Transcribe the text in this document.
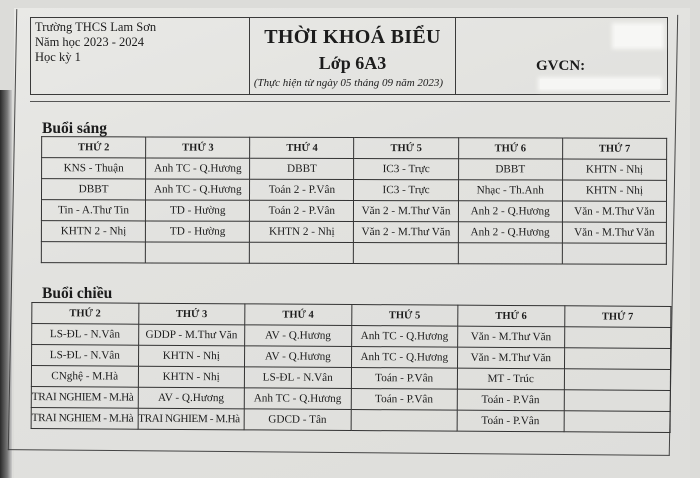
Trường THCS Lam Sơn
Năm học 2023 - 2024
Học kỳ 1
THỜI KHOÁ BIỂU
Lớp 6A3
(Thực hiện từ ngày 05 tháng 09 năm 2023)
GVCN:
Buổi sáng
THỨ 2	THỨ 3	THỨ 4	THỨ 5	THỨ 6	THỨ 7
KNS - Thuận	Anh TC - Q.Hương	DBBT	IC3 - Trực	DBBT	KHTN - Nhị
DBBT	Anh TC - Q.Hương	Toán 2 - P.Vân	IC3 - Trực	Nhạc - Th.Anh	KHTN - Nhị
Tin - A.Thư Tin	TD - Hường	Toán 2 - P.Vân	Văn 2 - M.Thư Văn	Anh 2 - Q.Hương	Văn - M.Thư Văn
KHTN 2 - Nhị	TD - Hường	KHTN 2 - Nhị	Văn 2 - M.Thư Văn	Anh 2 - Q.Hương	Văn - M.Thư Văn

Buổi chiều
THỨ 2	THỨ 3	THỨ 4	THỨ 5	THỨ 6	THỨ 7
LS-ĐL - N.Vân	GDDP - M.Thư Văn	AV - Q.Hương	Anh TC - Q.Hương	Văn - M.Thư Văn	
LS-ĐL - N.Vân	KHTN - Nhị	AV - Q.Hương	Anh TC - Q.Hương	Văn - M.Thư Văn	
CNghệ - M.Hà	KHTN - Nhị	LS-ĐL - N.Vân	Toán - P.Vân	MT - Trúc	
TRAI NGHIEM - M.Hà	AV - Q.Hương	Anh TC - Q.Hương	Toán - P.Vân	Toán - P.Vân	
TRAI NGHIEM - M.Hà	TRAI NGHIEM - M.Hà	GDCD - Tân		Toán - P.Vân	
